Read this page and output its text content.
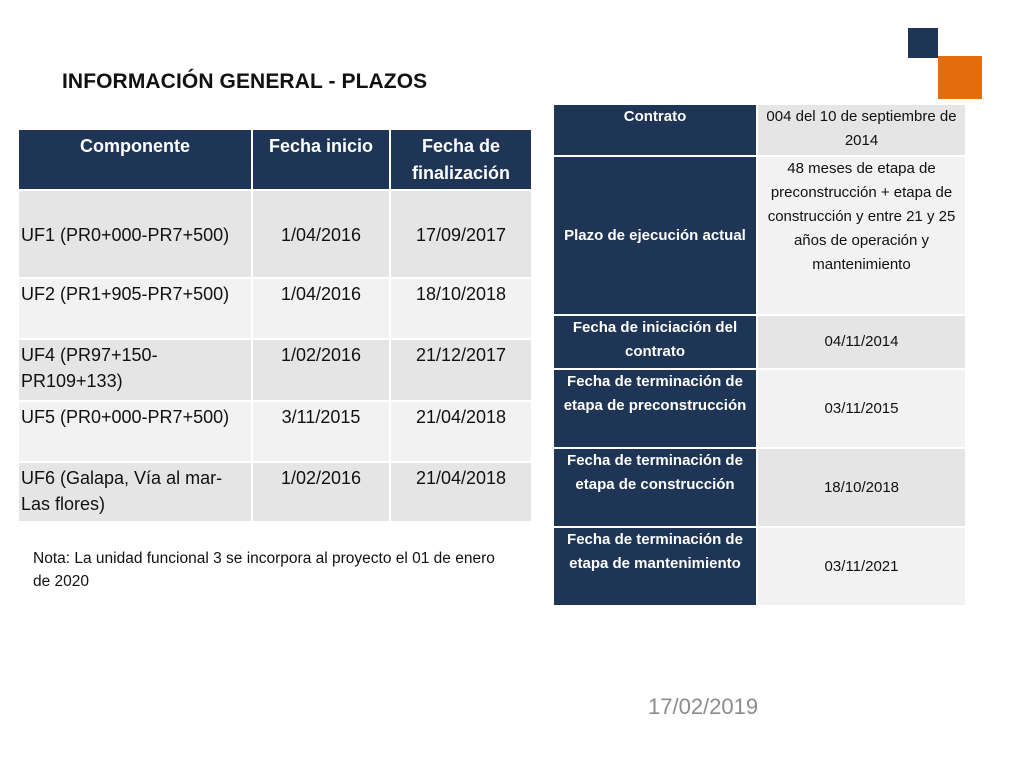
INFORMACIÓN GENERAL - PLAZOS
Componente	Fecha inicio	Fecha de finalización
UF1 (PR0+000-PR7+500)	1/04/2016	17/09/2017
UF2 (PR1+905-PR7+500)	1/04/2016	18/10/2018
UF4 (PR97+150-PR109+133)	1/02/2016	21/12/2017
UF5 (PR0+000-PR7+500)	3/11/2015	21/04/2018
UF6 (Galapa, Vía al mar-Las flores)	1/02/2016	21/04/2018
Nota: La unidad funcional 3 se incorpora al proyecto el 01 de enero de 2020
Contrato	004 del 10 de septiembre de 2014
Plazo de ejecución actual	48 meses de etapa de preconstrucción + etapa de construcción y entre 21 y 25 años de operación y mantenimiento
Fecha de iniciación del contrato	04/11/2014
Fecha de terminación de etapa de preconstrucción	03/11/2015
Fecha de terminación de etapa de construcción	18/10/2018
Fecha de terminación de etapa de mantenimiento	03/11/2021
17/02/2019
